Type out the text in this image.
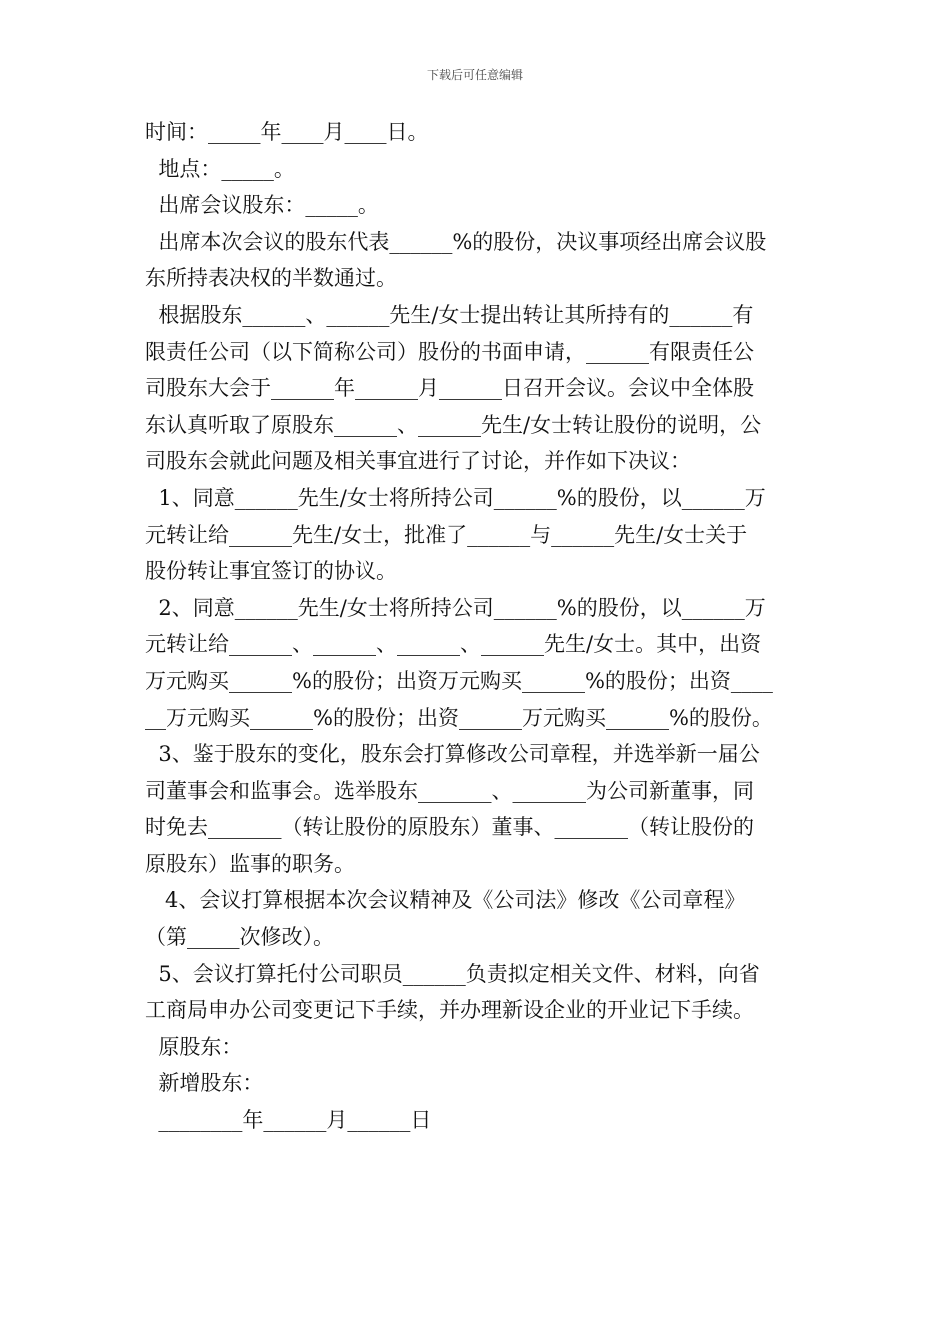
下载后可任意编辑
时间：_____年____月____日。
地点：_____。
出席会议股东：_____。
出席本次会议的股东代表______%的股份，决议事项经出席会议股
东所持表决权的半数通过。
根据股东______、______先生/女士提出转让其所持有的______有
限责任公司（以下简称公司）股份的书面申请，______有限责任公
司股东大会于______年______月______日召开会议。会议中全体股
东认真听取了原股东______、______先生/女士转让股份的说明，公
司股东会就此问题及相关事宜进行了讨论，并作如下决议：
1、同意______先生/女士将所持公司______%的股份，以______万
元转让给______先生/女士，批准了______与______先生/女士关于
股份转让事宜签订的协议。
2、同意______先生/女士将所持公司______%的股份，以______万
元转让给______、______、______、______先生/女士。其中，出资
万元购买______%的股份；出资万元购买______%的股份；出资____
__万元购买______%的股份；出资______万元购买______%的股份。
3、鉴于股东的变化，股东会打算修改公司章程，并选举新一届公
司董事会和监事会。选举股东_______、_______为公司新董事，同
时免去_______（转让股份的原股东）董事、_______（转让股份的
原股东）监事的职务。
4、会议打算根据本次会议精神及《公司法》修改《公司章程》
（第_____次修改）。
5、会议打算托付公司职员______负责拟定相关文件、材料，向省
工商局申办公司变更记下手续，并办理新设企业的开业记下手续。
原股东：
新增股东：
________年______月______日
